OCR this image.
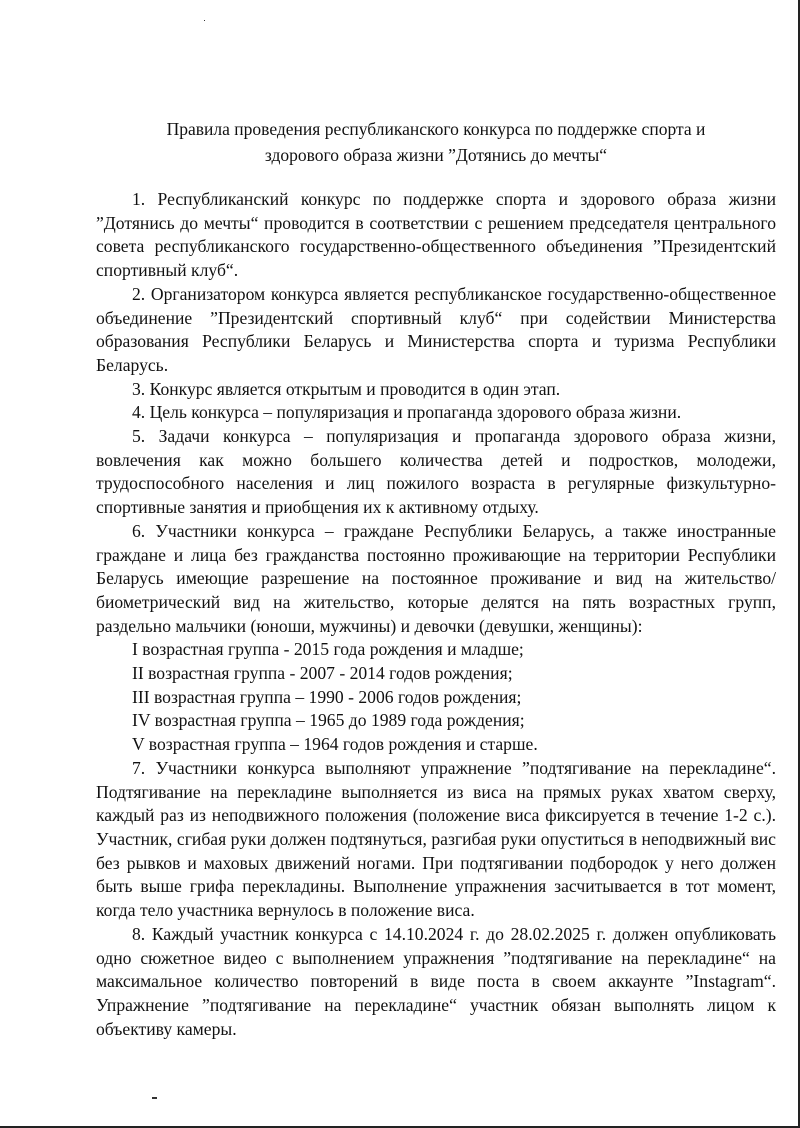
Правила проведения республиканского конкурса по поддержке спорта и
здорового образа жизни ”Дотянись до мечты“

1. Республиканский конкурс по поддержке спорта и здорового образа жизни ”Дотянись до мечты“ проводится в соответствии с решением председателя центрального совета республиканского государственно-общественного объединения ”Президентский спортивный клуб“.

2. Организатором конкурса является республиканское государственно-общественное объединение ”Президентский спортивный клуб“ при содействии Министерства образования Республики Беларусь и Министерства спорта и туризма Республики Беларусь.

3. Конкурс является открытым и проводится в один этап.

4. Цель конкурса – популяризация и пропаганда здорового образа жизни.

5. Задачи конкурса – популяризация и пропаганда здорового образа жизни, вовлечения как можно большего количества детей и подростков, молодежи, трудоспособного населения и лиц пожилого возраста в регулярные физкультурно-спортивные занятия и приобщения их к активному отдыху.

6. Участники конкурса – граждане Республики Беларусь, а также иностранные граждане и лица без гражданства постоянно проживающие на территории Республики Беларусь имеющие разрешение на постоянное проживание и вид на жительство/биометрический вид на жительство, которые делятся на пять возрастных групп, раздельно мальчики (юноши, мужчины) и девочки (девушки, женщины):

I возрастная группа - 2015 года рождения и младше;

II возрастная группа - 2007 - 2014 годов рождения;

III возрастная группа – 1990 - 2006 годов рождения;

IV возрастная группа – 1965 до 1989 года рождения;

V возрастная группа – 1964 годов рождения и старше.

7. Участники конкурса выполняют упражнение ”подтягивание на перекладине“. Подтягивание на перекладине выполняется из виса на прямых руках хватом сверху, каждый раз из неподвижного положения (положение виса фиксируется в течение 1-2 с.). Участник, сгибая руки должен подтянуться, разгибая руки опуститься в неподвижный вис без рывков и маховых движений ногами. При подтягивании подбородок у него должен быть выше грифа перекладины. Выполнение упражнения засчитывается в тот момент, когда тело участника вернулось в положение виса.

8. Каждый участник конкурса с 14.10.2024 г. до 28.02.2025 г. должен опубликовать одно сюжетное видео с выполнением упражнения ”подтягивание на перекладине“ на максимальное количество повторений в виде поста в своем аккаунте ”Instagram“. Упражнение ”подтягивание на перекладине“ участник обязан выполнять лицом к объективу камеры.
